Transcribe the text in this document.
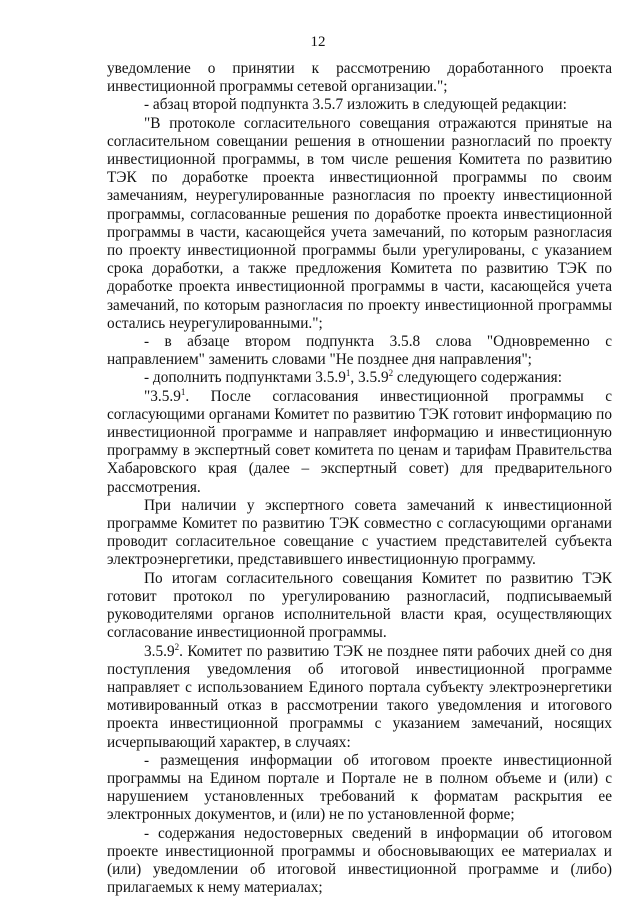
12

уведомление о принятии к рассмотрению доработанного проекта инвестиционной программы сетевой организации.";

- абзац второй подпункта 3.5.7 изложить в следующей редакции:

"В протоколе согласительного совещания отражаются принятые на согласительном совещании решения в отношении разногласий по проекту инвестиционной программы, в том числе решения Комитета по развитию ТЭК по доработке проекта инвестиционной программы по своим замечаниям, неурегулированные разногласия по проекту инвестиционной программы, согласованные решения по доработке проекта инвестиционной программы в части, касающейся учета замечаний, по которым разногласия по проекту инвестиционной программы были урегулированы, с указанием срока доработки, а также предложения Комитета по развитию ТЭК по доработке проекта инвестиционной программы в части, касающейся учета замечаний, по которым разногласия по проекту инвестиционной программы остались неурегулированными.";

- в абзаце втором подпункта 3.5.8 слова "Одновременно с направлением" заменить словами "Не позднее дня направления";

- дополнить подпунктами 3.5.9$^1$, 3.5.9$^2$ следующего содержания:

"3.5.9$^1$. После согласования инвестиционной программы с согласующими органами Комитет по развитию ТЭК готовит информацию по инвестиционной программе и направляет информацию и инвестиционную программу в экспертный совет комитета по ценам и тарифам Правительства Хабаровского края (далее – экспертный совет) для предварительного рассмотрения.

При наличии у экспертного совета замечаний к инвестиционной программе Комитет по развитию ТЭК совместно с согласующими органами проводит согласительное совещание с участием представителей субъекта электроэнергетики, представившего инвестиционную программу.

По итогам согласительного совещания Комитет по развитию ТЭК готовит протокол по урегулированию разногласий, подписываемый руководителями органов исполнительной власти края, осуществляющих согласование инвестиционной программы.

3.5.9$^2$. Комитет по развитию ТЭК не позднее пяти рабочих дней со дня поступления уведомления об итоговой инвестиционной программе направляет с использованием Единого портала субъекту электроэнергетики мотивированный отказ в рассмотрении такого уведомления и итогового проекта инвестиционной программы с указанием замечаний, носящих исчерпывающий характер, в случаях:

- размещения информации об итоговом проекте инвестиционной программы на Едином портале и Портале не в полном объеме и (или) с нарушением установленных требований к форматам раскрытия ее электронных документов, и (или) не по установленной форме;

- содержания недостоверных сведений в информации об итоговом проекте инвестиционной программы и обосновывающих ее материалах и (или) уведомлении об итоговой инвестиционной программе и (либо) прилагаемых к нему материалах;
